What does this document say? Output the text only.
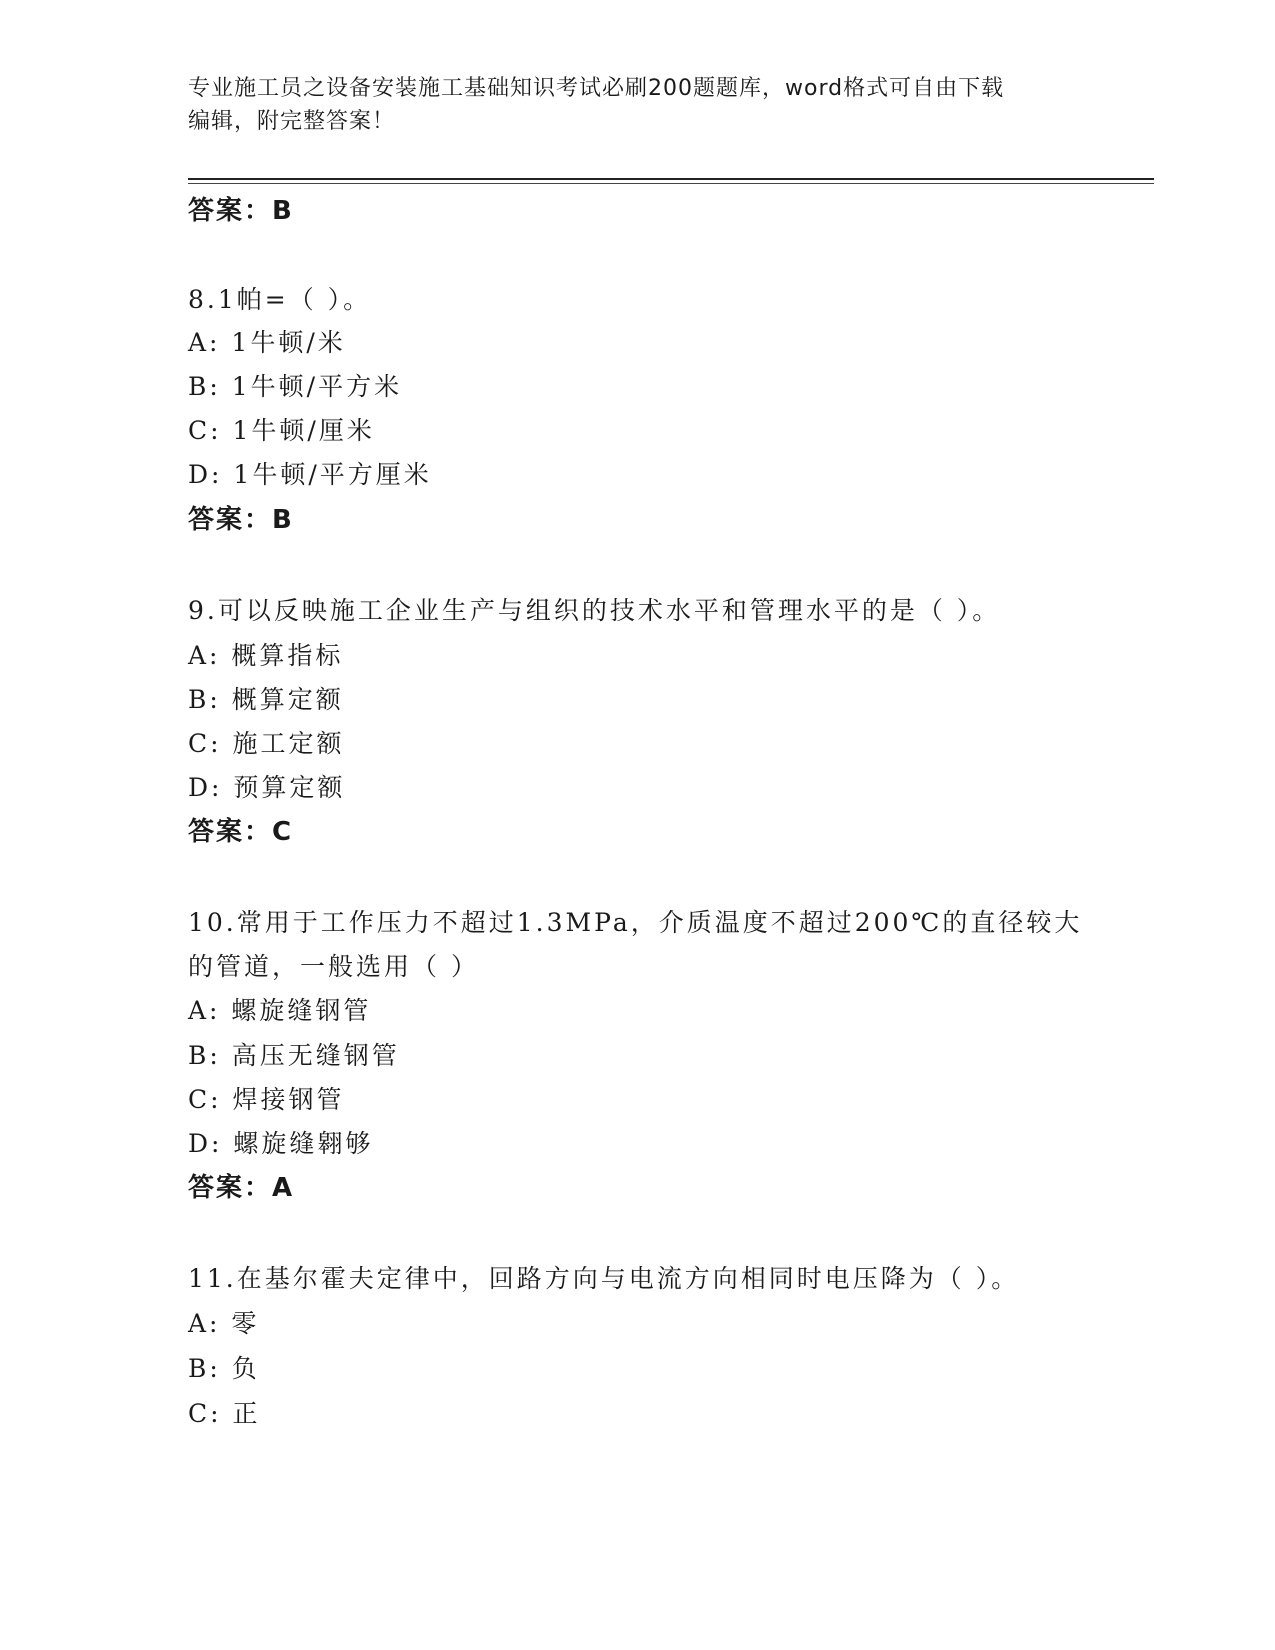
专业施工员之设备安装施工基础知识考试必刷200题题库，word格式可自由下载
编辑，附完整答案！
答案：B
8.1帕=（ ）。
A: 1牛顿/米
B: 1牛顿/平方米
C: 1牛顿/厘米
D: 1牛顿/平方厘米
答案：B
9.可以反映施工企业生产与组织的技术水平和管理水平的是（ ）。
A: 概算指标
B: 概算定额
C: 施工定额
D: 预算定额
答案：C
10.常用于工作压力不超过1.3MPa，介质温度不超过200℃的直径较大
的管道，一般选用（ ）
A: 螺旋缝钢管
B: 高压无缝钢管
C: 焊接钢管
D: 螺旋缝翱够
答案：A
11.在基尔霍夫定律中，回路方向与电流方向相同时电压降为（ ）。
A: 零
B: 负
C: 正
